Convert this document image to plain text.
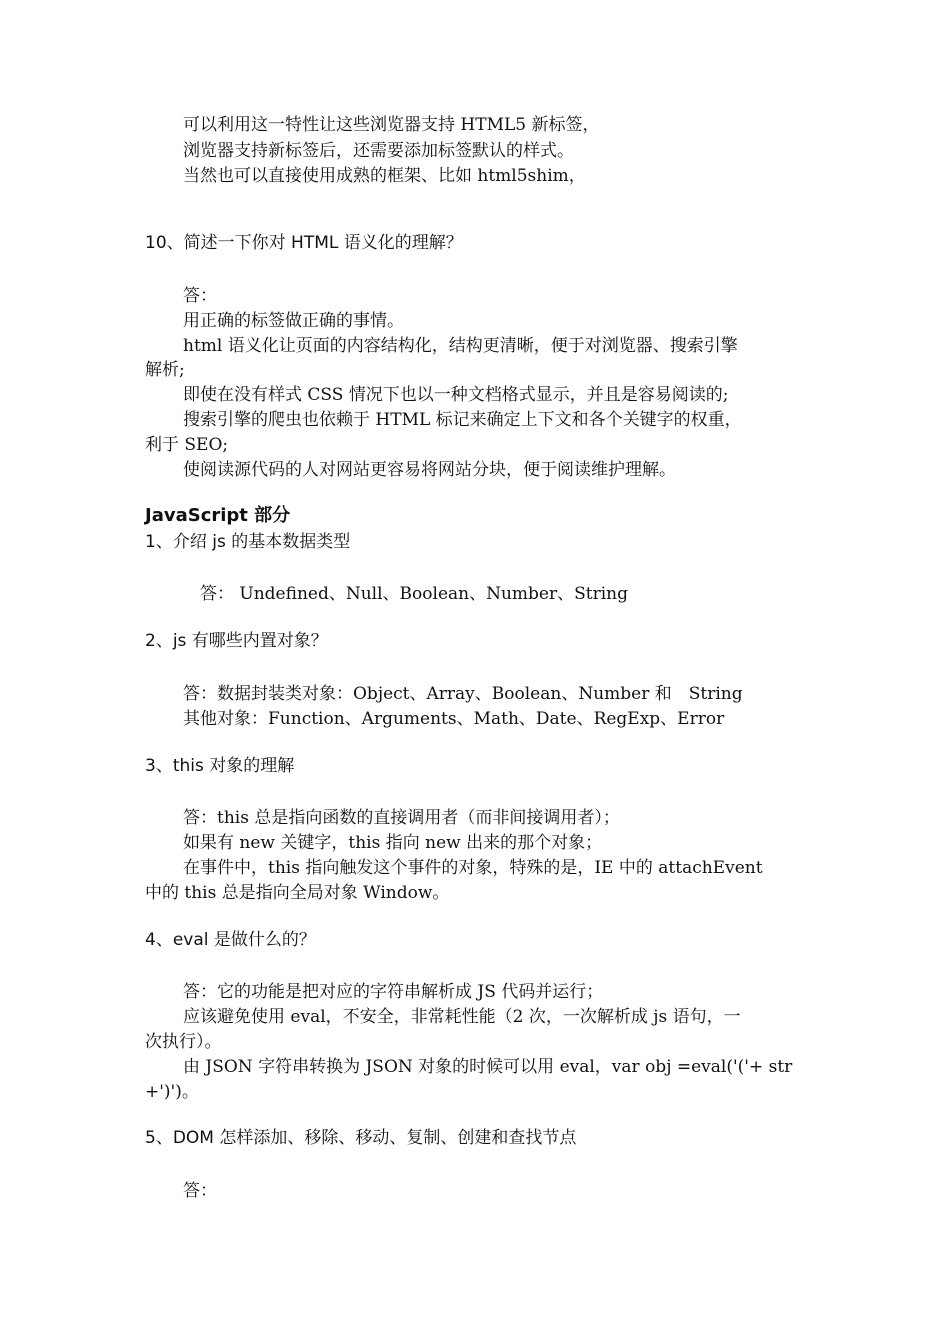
可以利用这一特性让这些浏览器支持 HTML5 新标签，
浏览器支持新标签后，还需要添加标签默认的样式。
当然也可以直接使用成熟的框架、比如 html5shim，
10、简述一下你对 HTML 语义化的理解？
答：
用正确的标签做正确的事情。
html 语义化让页面的内容结构化，结构更清晰，便于对浏览器、搜索引擎
解析;
即使在没有样式 CSS 情况下也以一种文档格式显示，并且是容易阅读的;
搜索引擎的爬虫也依赖于 HTML 标记来确定上下文和各个关键字的权重，
利于 SEO;
使阅读源代码的人对网站更容易将网站分块，便于阅读维护理解。
JavaScript 部分
1、介绍 js 的基本数据类型
答： Undefined、Null、Boolean、Number、String
2、js 有哪些内置对象？
答：数据封装类对象：Object、Array、Boolean、Number 和　String
其他对象：Function、Arguments、Math、Date、RegExp、Error
3、this 对象的理解
答：this 总是指向函数的直接调用者（而非间接调用者）；
如果有 new 关键字，this 指向 new 出来的那个对象；
在事件中，this 指向触发这个事件的对象，特殊的是，IE 中的 attachEvent
中的 this 总是指向全局对象 Window。
4、eval 是做什么的？
答：它的功能是把对应的字符串解析成 JS 代码并运行；
应该避免使用 eval，不安全，非常耗性能（2 次，一次解析成 js 语句，一
次执行）。
由 JSON 字符串转换为 JSON 对象的时候可以用 eval，var obj =eval('('+ str
+')')。
5、DOM 怎样添加、移除、移动、复制、创建和查找节点
答：
